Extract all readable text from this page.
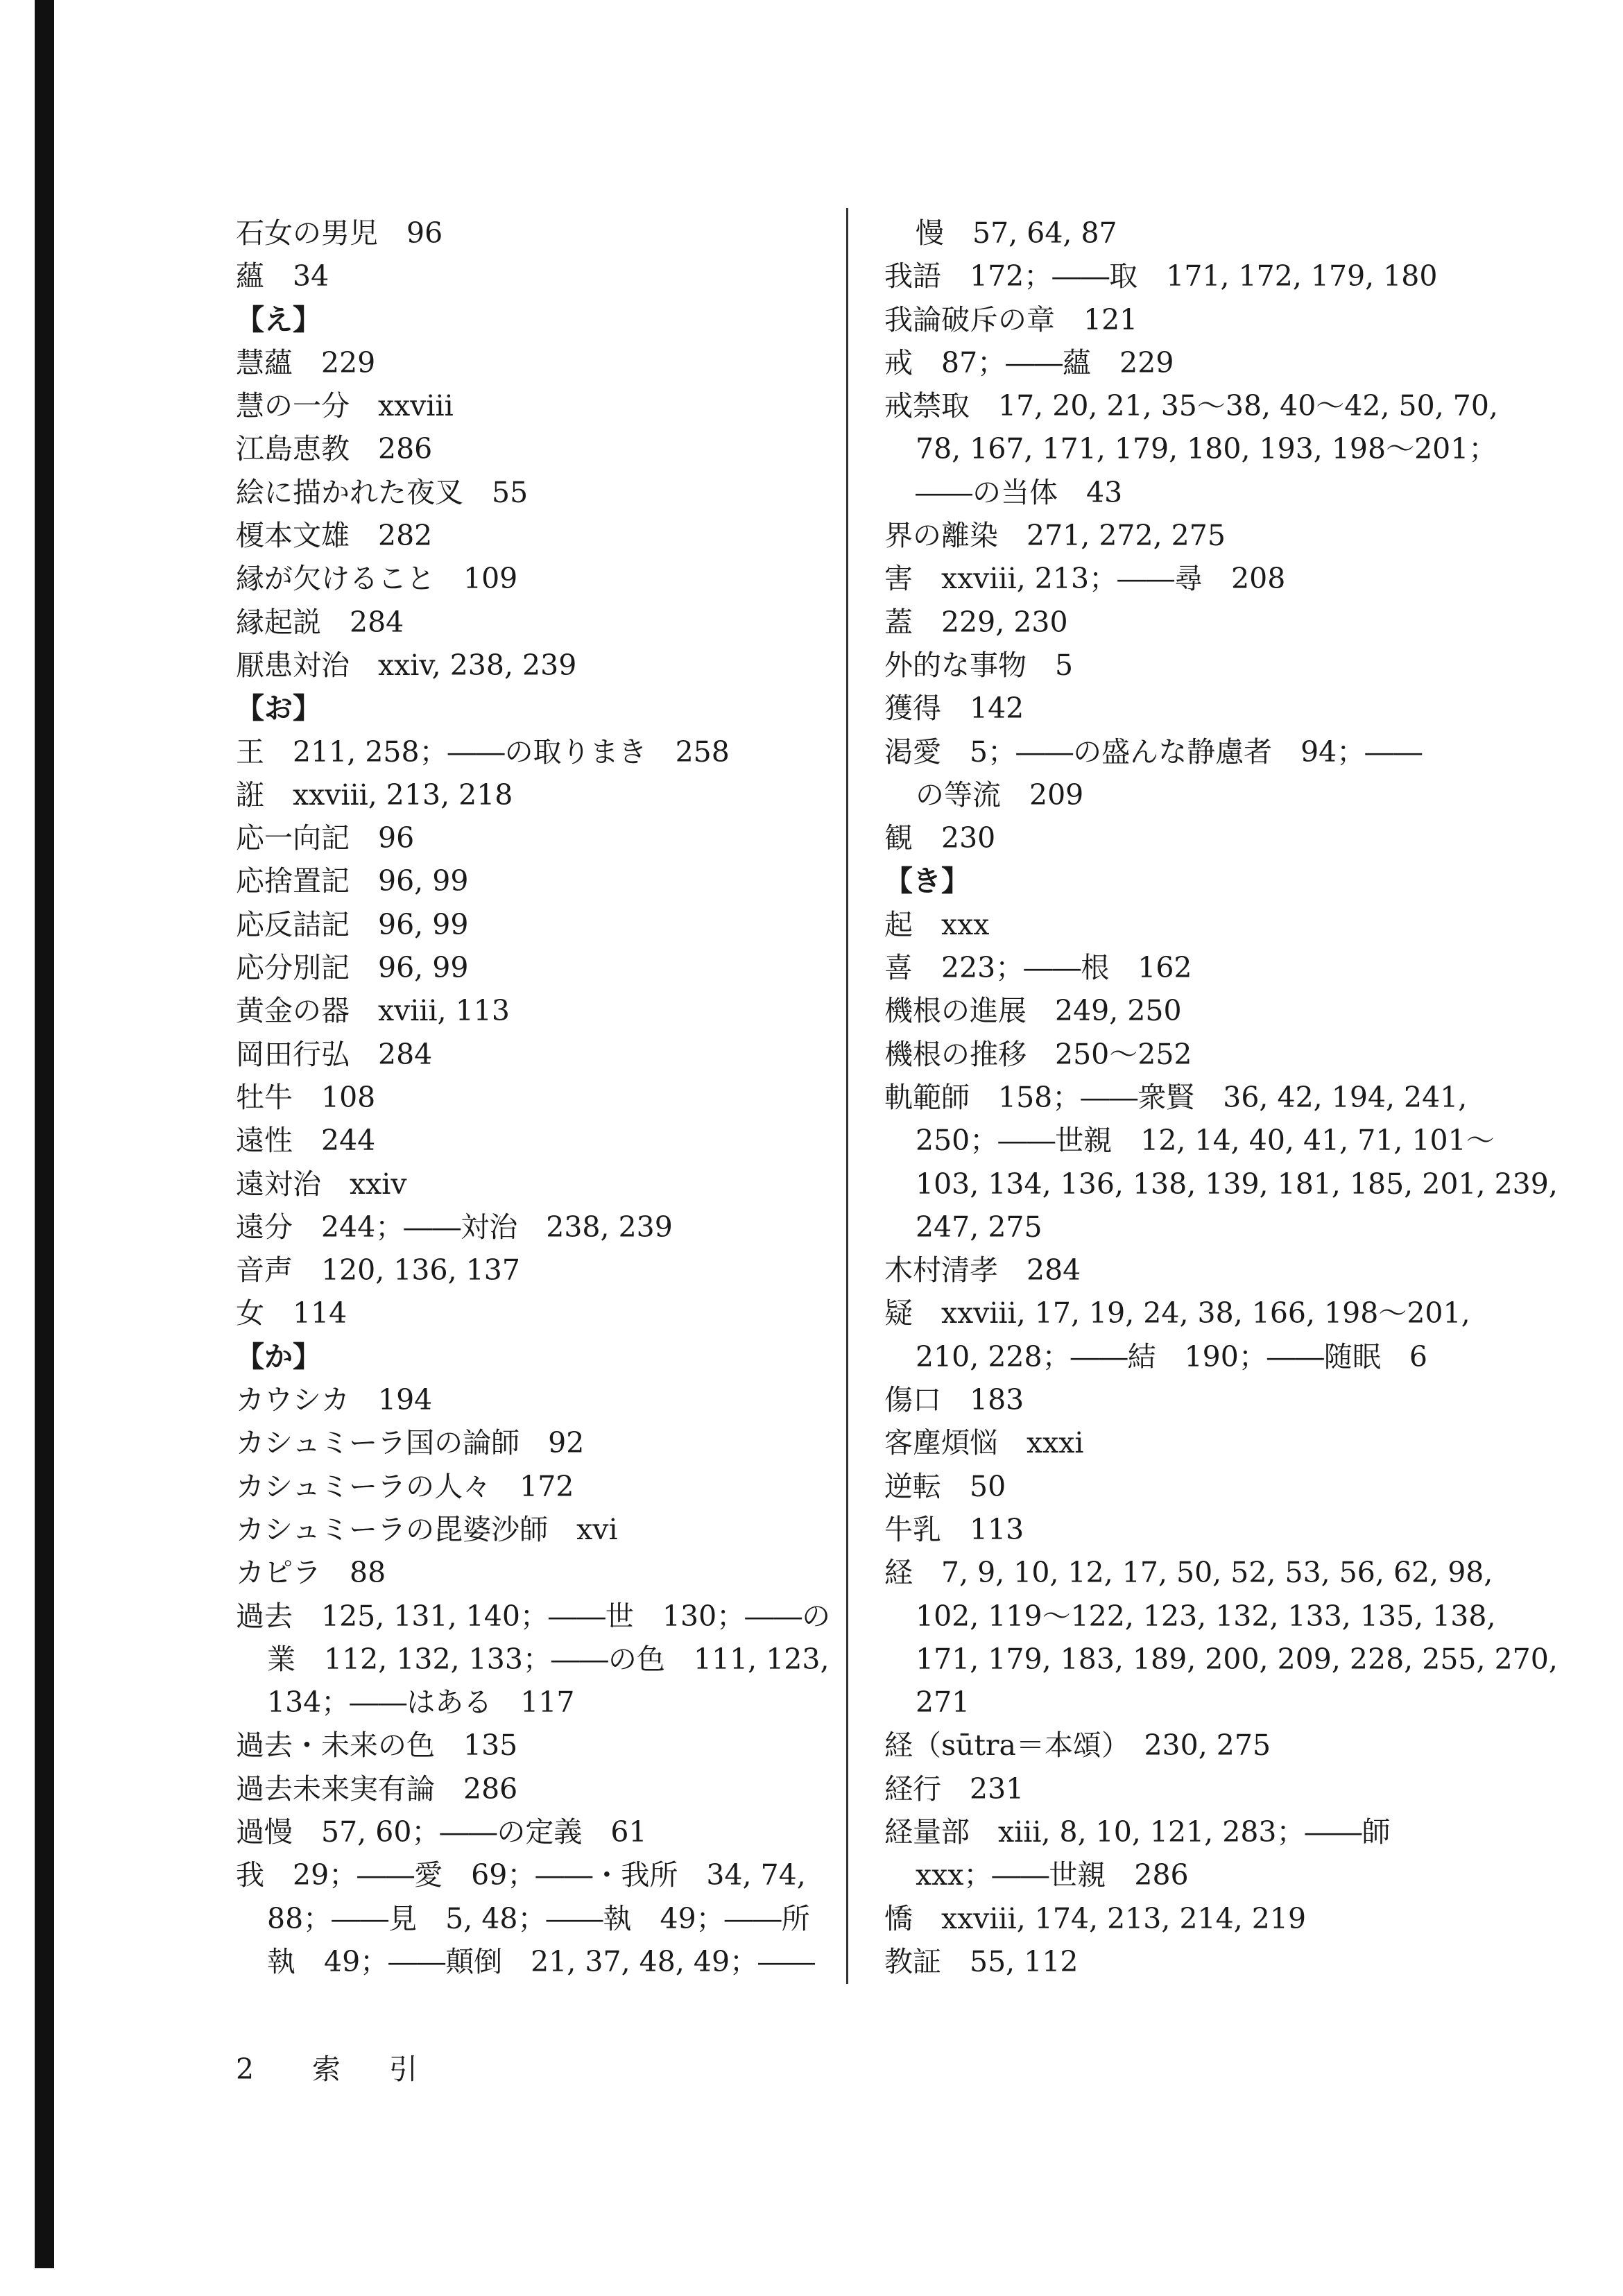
石女の男児　96
蘊　34
【え】
慧蘊　229
慧の一分　xxviii
江島恵教　286
絵に描かれた夜叉　55
榎本文雄　282
縁が欠けること　109
縁起説　284
厭患対治　xxiv, 238, 239
【お】
王　211, 258；――の取りまき　258
誑　xxviii, 213, 218
応一向記　96
応捨置記　96, 99
応反詰記　96, 99
応分別記　96, 99
黄金の器　xviii, 113
岡田行弘　284
牡牛　108
遠性　244
遠対治　xxiv
遠分　244；――対治　238, 239
音声　120, 136, 137
女　114
【か】
カウシカ　194
カシュミーラ国の論師　92
カシュミーラの人々　172
カシュミーラの毘婆沙師　xvi
カピラ　88
過去　125, 131, 140；――世　130；――の
業　112, 132, 133；――の色　111, 123,
134；――はある　117
過去・未来の色　135
過去未来実有論　286
過慢　57, 60；――の定義　61
我　29；――愛　69；――・我所　34, 74,
88；――見　5, 48；――執　49；――所
執　49；――顛倒　21, 37, 48, 49；――
慢　57, 64, 87
我語　172；――取　171, 172, 179, 180
我論破斥の章　121
戒　87；――蘊　229
戒禁取　17, 20, 21, 35～38, 40～42, 50, 70,
78, 167, 171, 179, 180, 193, 198～201；
――の当体　43
界の離染　271, 272, 275
害　xxviii, 213；――尋　208
蓋　229, 230
外的な事物　5
獲得　142
渇愛　5；――の盛んな静慮者　94；――
の等流　209
観　230
【き】
起　xxx
喜　223；――根　162
機根の進展　249, 250
機根の推移　250～252
軌範師　158；――衆賢　36, 42, 194, 241,
250；――世親　12, 14, 40, 41, 71, 101～
103, 134, 136, 138, 139, 181, 185, 201, 239,
247, 275
木村清孝　284
疑　xxviii, 17, 19, 24, 38, 166, 198～201,
210, 228；――結　190；――随眠　6
傷口　183
客塵煩悩　xxxi
逆転　50
牛乳　113
経　7, 9, 10, 12, 17, 50, 52, 53, 56, 62, 98,
102, 119～122, 123, 132, 133, 135, 138,
171, 179, 183, 189, 200, 209, 228, 255, 270,
271
経（sūtra＝本頌）　230, 275
経行　231
経量部　xiii, 8, 10, 121, 283；――師
xxx；――世親　286
憍　xxviii, 174, 213, 214, 219
教証　55, 112
2 索引
